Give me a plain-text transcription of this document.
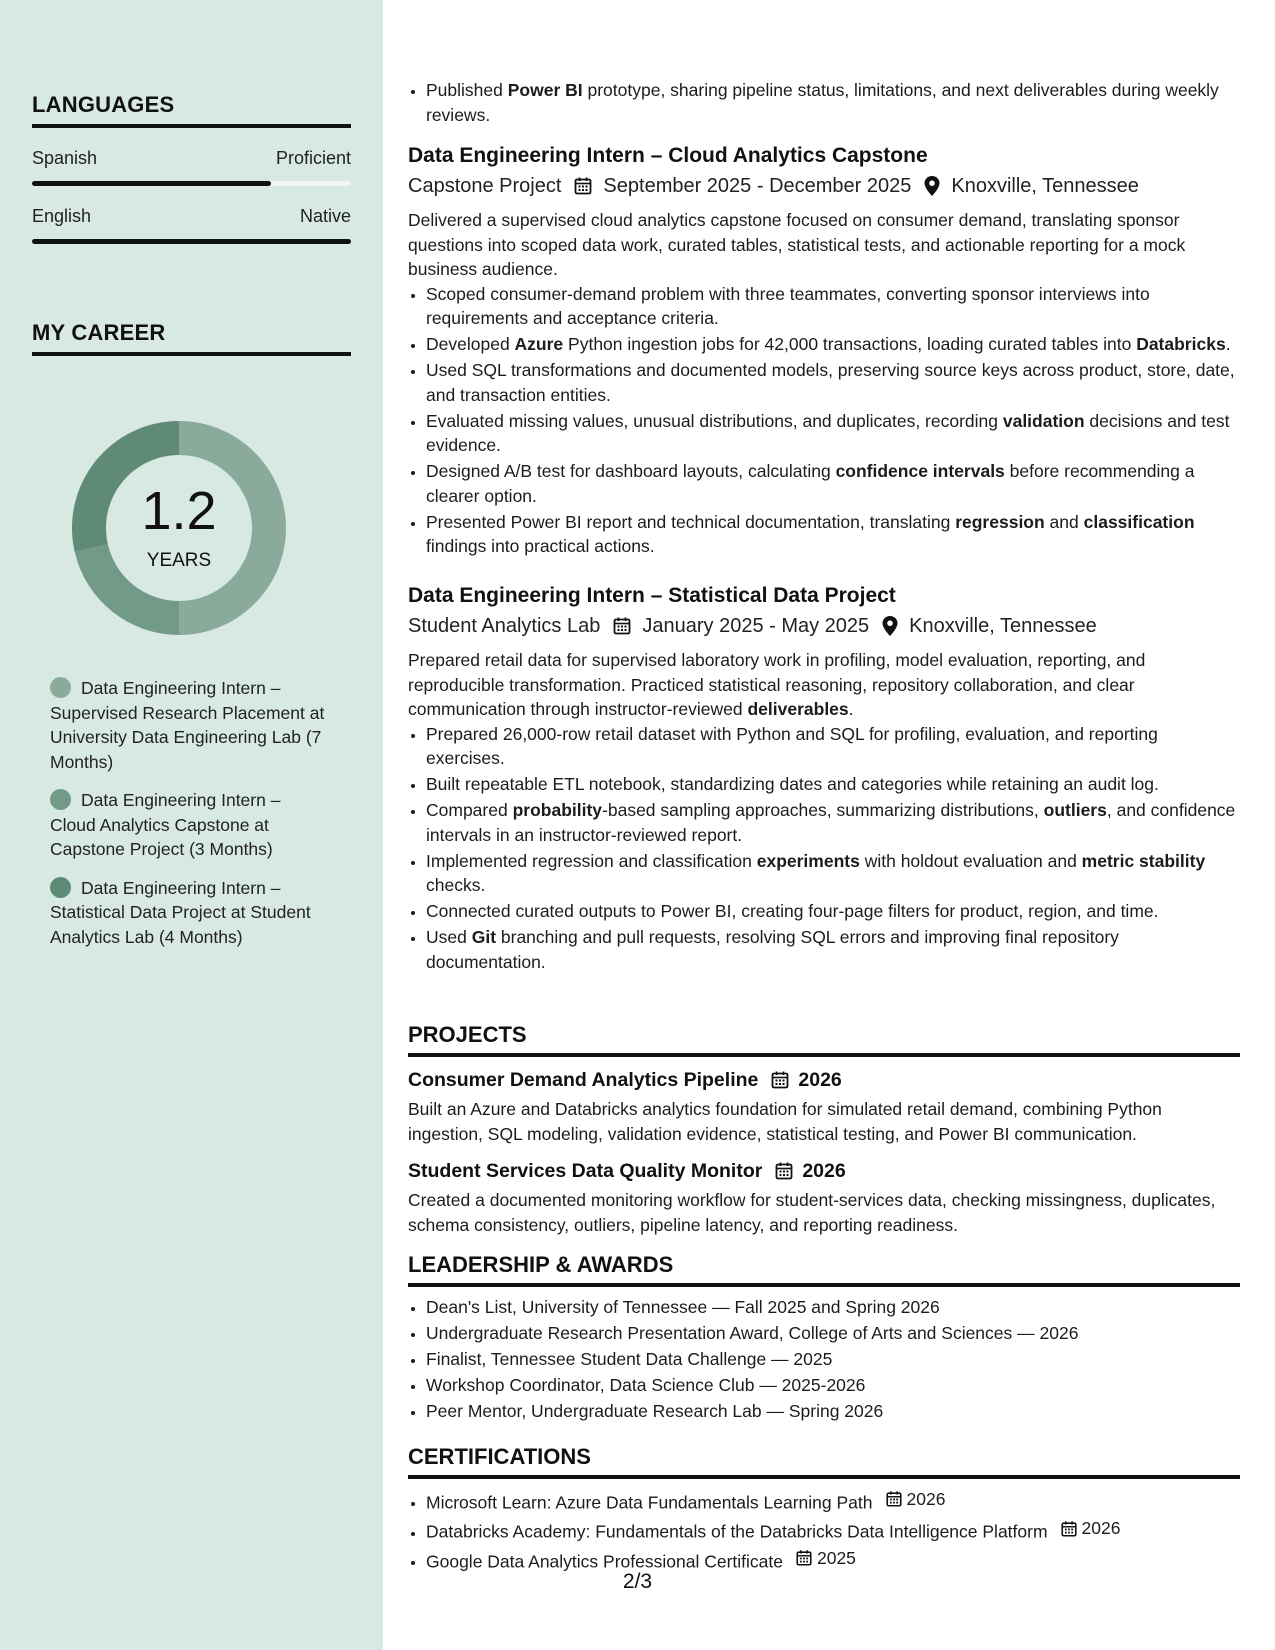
LANGUAGES
Spanish	Proficient
English	Native
MY CAREER
1.2
YEARS
Data Engineering Intern – Supervised Research Placement at University Data Engineering Lab (7 Months)
Data Engineering Intern – Cloud Analytics Capstone at Capstone Project (3 Months)
Data Engineering Intern – Statistical Data Project at Student Analytics Lab (4 Months)
• Published Power BI prototype, sharing pipeline status, limitations, and next deliverables during weekly reviews.
Data Engineering Intern – Cloud Analytics Capstone
Capstone Project September 2025 - December 2025 Knoxville, Tennessee
Delivered a supervised cloud analytics capstone focused on consumer demand, translating sponsor questions into scoped data work, curated tables, statistical tests, and actionable reporting for a mock business audience.
• Scoped consumer-demand problem with three teammates, converting sponsor interviews into requirements and acceptance criteria.
• Developed Azure Python ingestion jobs for 42,000 transactions, loading curated tables into Databricks.
• Used SQL transformations and documented models, preserving source keys across product, store, date, and transaction entities.
• Evaluated missing values, unusual distributions, and duplicates, recording validation decisions and test evidence.
• Designed A/B test for dashboard layouts, calculating confidence intervals before recommending a clearer option.
• Presented Power BI report and technical documentation, translating regression and classification findings into practical actions.
Data Engineering Intern – Statistical Data Project
Student Analytics Lab January 2025 - May 2025 Knoxville, Tennessee
Prepared retail data for supervised laboratory work in profiling, model evaluation, reporting, and reproducible transformation. Practiced statistical reasoning, repository collaboration, and clear communication through instructor-reviewed deliverables.
• Prepared 26,000-row retail dataset with Python and SQL for profiling, evaluation, and reporting exercises.
• Built repeatable ETL notebook, standardizing dates and categories while retaining an audit log.
• Compared probability-based sampling approaches, summarizing distributions, outliers, and confidence intervals in an instructor-reviewed report.
• Implemented regression and classification experiments with holdout evaluation and metric stability checks.
• Connected curated outputs to Power BI, creating four-page filters for product, region, and time.
• Used Git branching and pull requests, resolving SQL errors and improving final repository documentation.
PROJECTS
Consumer Demand Analytics Pipeline 2026
Built an Azure and Databricks analytics foundation for simulated retail demand, combining Python ingestion, SQL modeling, validation evidence, statistical testing, and Power BI communication.
Student Services Data Quality Monitor 2026
Created a documented monitoring workflow for student-services data, checking missingness, duplicates, schema consistency, outliers, pipeline latency, and reporting readiness.
LEADERSHIP & AWARDS
• Dean's List, University of Tennessee — Fall 2025 and Spring 2026
• Undergraduate Research Presentation Award, College of Arts and Sciences — 2026
• Finalist, Tennessee Student Data Challenge — 2025
• Workshop Coordinator, Data Science Club — 2025-2026
• Peer Mentor, Undergraduate Research Lab — Spring 2026
CERTIFICATIONS
• Microsoft Learn: Azure Data Fundamentals Learning Path 2026
• Databricks Academy: Fundamentals of the Databricks Data Intelligence Platform 2026
• Google Data Analytics Professional Certificate 2025
2/3
